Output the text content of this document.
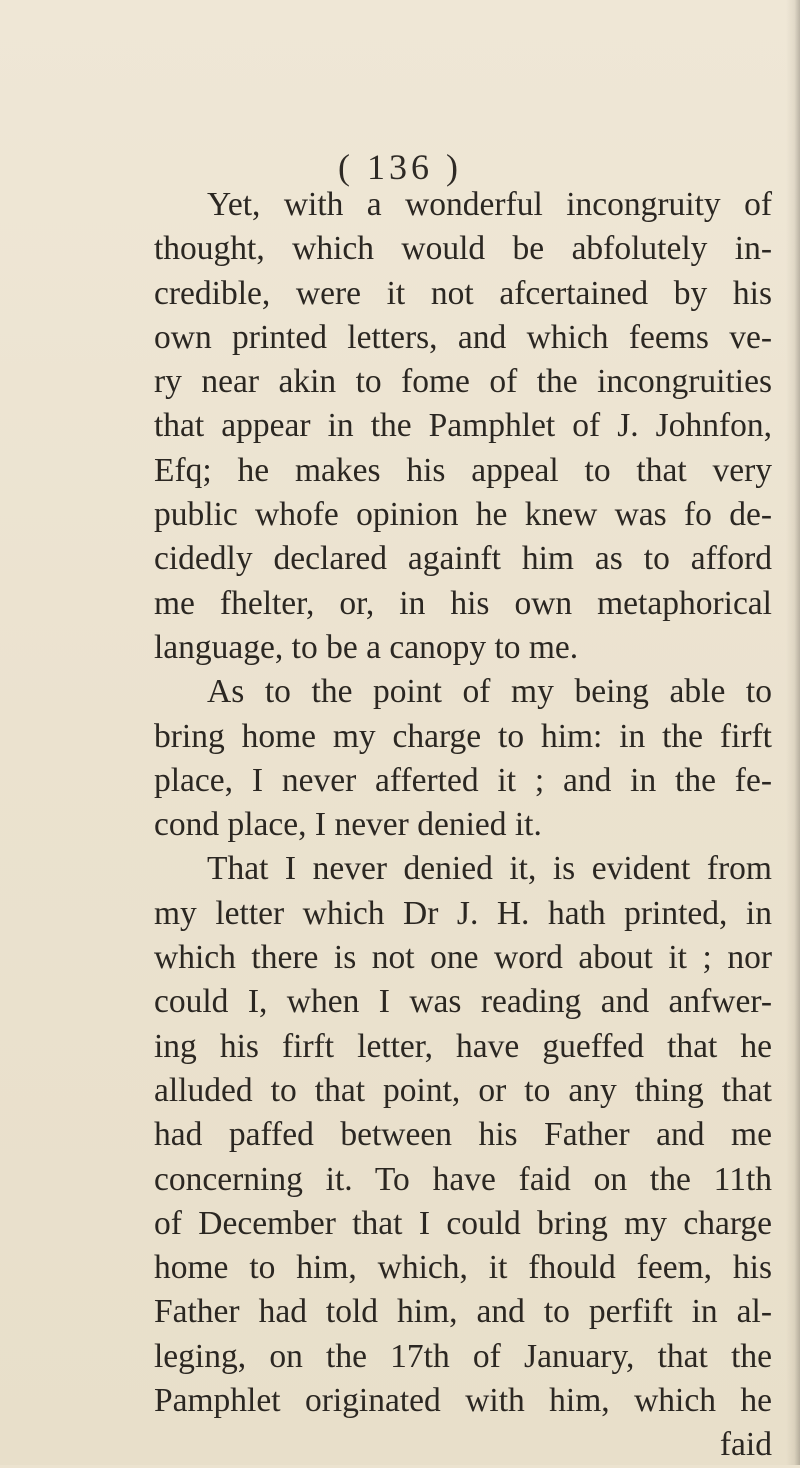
( 136 )

Yet, with a wonderful incongruity of
thought, which would be abfolutely in-
credible, were it not afcertained by his
own printed letters, and which feems ve-
ry near akin to fome of the incongruities
that appear in the Pamphlet of J. Johnfon,
Efq; he makes his appeal to that very
public whofe opinion he knew was fo de-
cidedly declared againft him as to afford
me fhelter, or, in his own metaphorical
language, to be a canopy to me.
As to the point of my being able to
bring home my charge to him: in the firft
place, I never afferted it ; and in the fe-
cond place, I never denied it.
That I never denied it, is evident from
my letter which Dr J. H. hath printed, in
which there is not one word about it ; nor
could I, when I was reading and anfwer-
ing his firft letter, have gueffed that he
alluded to that point, or to any thing that
had paffed between his Father and me
concerning it. To have faid on the 11th
of December that I could bring my charge
home to him, which, it fhould feem, his
Father had told him, and to perfift in al-
leging, on the 17th of January, that the
Pamphlet originated with him, which he
faid
